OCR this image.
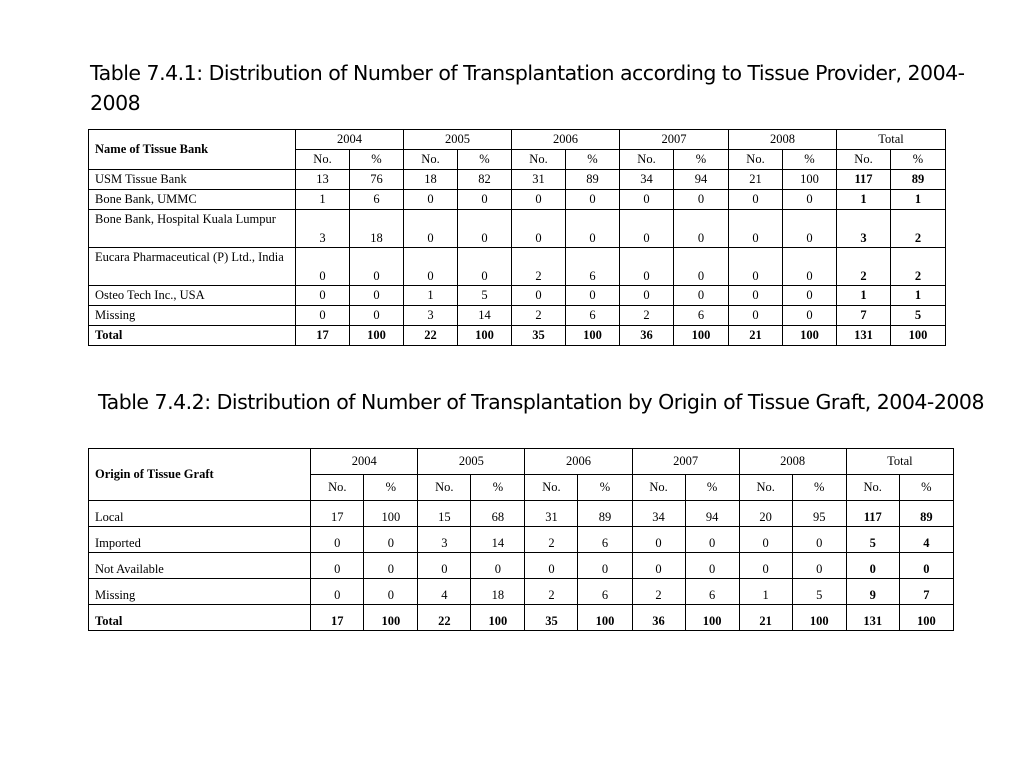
Table 7.4.1: Distribution of Number of Transplantation according to Tissue Provider, 2004-2008
Name of Tissue Bank	2004		2005		2006		2007		2008		Total	
	No.	%	No.	%	No.	%	No.	%	No.	%	No.	%
USM Tissue Bank	13	76	18	82	31	89	34	94	21	100	117	89
Bone Bank, UMMC	1	6	0	0	0	0	0	0	0	0	1	1
Bone Bank, Hospital Kuala Lumpur	3	18	0	0	0	0	0	0	0	0	3	2
Eucara Pharmaceutical (P) Ltd., India	0	0	0	0	2	6	0	0	0	0	2	2
Osteo Tech Inc., USA	0	0	1	5	0	0	0	0	0	0	1	1
Missing	0	0	3	14	2	6	2	6	0	0	7	5
Total	17	100	22	100	35	100	36	100	21	100	131	100
Table 7.4.2: Distribution of Number of Transplantation by Origin of Tissue Graft, 2004-2008
Origin of Tissue Graft	2004		2005		2006		2007		2008		Total	
	No.	%	No.	%	No.	%	No.	%	No.	%	No.	%
Local	17	100	15	68	31	89	34	94	20	95	117	89
Imported	0	0	3	14	2	6	0	0	0	0	5	4
Not Available	0	0	0	0	0	0	0	0	0	0	0	0
Missing	0	0	4	18	2	6	2	6	1	5	9	7
Total	17	100	22	100	35	100	36	100	21	100	131	100
